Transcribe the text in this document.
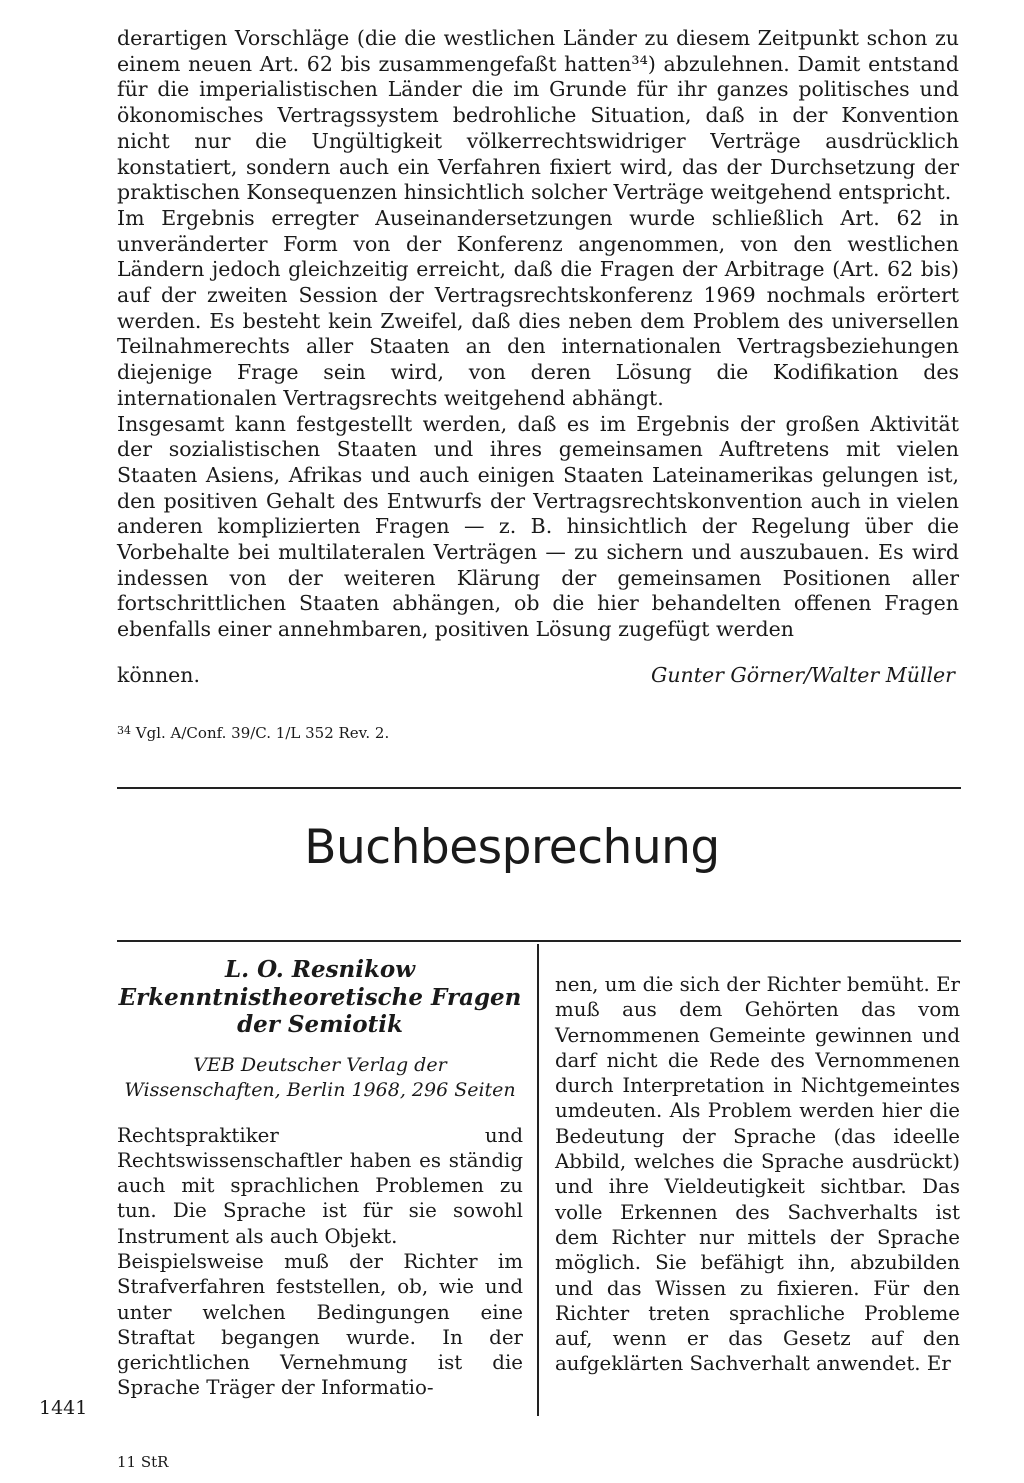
derartigen Vorschläge (die die westlichen Länder zu diesem Zeitpunkt schon zu einem neuen Art. 62 bis zusammengefaßt hatten³⁴) abzulehnen. Damit entstand für die imperialistischen Länder die im Grunde für ihr ganzes politisches und ökonomisches Vertragssystem bedrohliche Situation, daß in der Konvention nicht nur die Ungültigkeit völkerrechtswidriger Verträge ausdrücklich konstatiert, sondern auch ein Verfahren fixiert wird, das der Durchsetzung der praktischen Konsequenzen hinsichtlich solcher Verträge weitgehend entspricht.

Im Ergebnis erregter Auseinandersetzungen wurde schließlich Art. 62 in unveränderter Form von der Konferenz angenommen, von den westlichen Ländern jedoch gleichzeitig erreicht, daß die Fragen der Arbitrage (Art. 62 bis) auf der zweiten Session der Vertragsrechtskonferenz 1969 nochmals erörtert werden. Es besteht kein Zweifel, daß dies neben dem Problem des universellen Teilnahmerechts aller Staaten an den internationalen Vertragsbeziehungen diejenige Frage sein wird, von deren Lösung die Kodifikation des internationalen Vertragsrechts weitgehend abhängt.

Insgesamt kann festgestellt werden, daß es im Ergebnis der großen Aktivität der sozialistischen Staaten und ihres gemeinsamen Auftretens mit vielen Staaten Asiens, Afrikas und auch einigen Staaten Lateinamerikas gelungen ist, den positiven Gehalt des Entwurfs der Vertragsrechtskonvention auch in vielen anderen komplizierten Fragen — z. B. hinsichtlich der Regelung über die Vorbehalte bei multilateralen Verträgen — zu sichern und auszubauen. Es wird indessen von der weiteren Klärung der gemeinsamen Positionen aller fortschrittlichen Staaten abhängen, ob die hier behandelten offenen Fragen ebenfalls einer annehmbaren, positiven Lösung zugefügt werden

können.	Gunter Görner/Walter Müller
$^{34}$ Vgl. A/Conf. 39/C. 1/L 352 Rev. 2.
Buchbesprechung

L. O. Resnikow

Erkenntnistheoretische Fragen

der Semiotik

VEB Deutscher Verlag der Wissenschaften, Berlin 1968, 296 Seiten

Rechtspraktiker und Rechtswissenschaftler haben es ständig auch mit sprachlichen Problemen zu tun. Die Sprache ist für sie sowohl Instrument als auch Objekt.

Beispielsweise muß der Richter im Strafverfahren feststellen, ob, wie und unter welchen Bedingungen eine Straftat begangen wurde. In der gerichtlichen Vernehmung ist die Sprache Träger der Informatio-

nen, um die sich der Richter bemüht. Er muß aus dem Gehörten das vom Vernommenen Gemeinte gewinnen und darf nicht die Rede des Vernommenen durch Interpretation in Nichtgemeintes umdeuten. Als Problem werden hier die Bedeutung der Sprache (das ideelle Abbild, welches die Sprache ausdrückt) und ihre Vieldeutigkeit sichtbar. Das volle Erkennen des Sachverhalts ist dem Richter nur mittels der Sprache möglich. Sie befähigt ihn, abzubilden und das Wissen zu fixieren. Für den Richter treten sprachliche Probleme auf, wenn er das Gesetz auf den aufgeklärten Sachverhalt anwendet. Er

1441
11 StR
